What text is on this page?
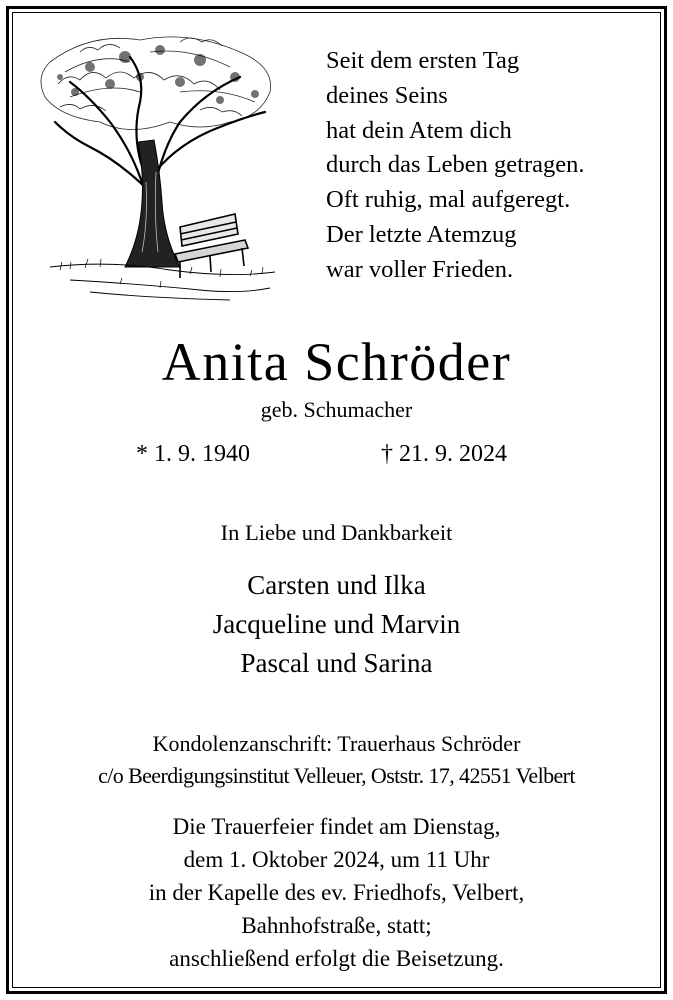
Seit dem ersten Tag
deines Seins
hat dein Atem dich
durch das Leben getragen.
Oft ruhig, mal aufgeregt.
Der letzte Atemzug
war voller Frieden.
Anita Schröder
geb. Schumacher
* 1. 9. 1940	† 21. 9. 2024
In Liebe und Dankbarkeit
Carsten und Ilka
Jacqueline und Marvin
Pascal und Sarina
Kondolenzanschrift: Trauerhaus Schröder
c/o Beerdigungsinstitut Velleuer, Oststr. 17, 42551 Velbert
Die Trauerfeier findet am Dienstag,
dem 1. Oktober 2024, um 11 Uhr
in der Kapelle des ev. Friedhofs, Velbert,
Bahnhofstraße, statt;
anschließend erfolgt die Beisetzung.
